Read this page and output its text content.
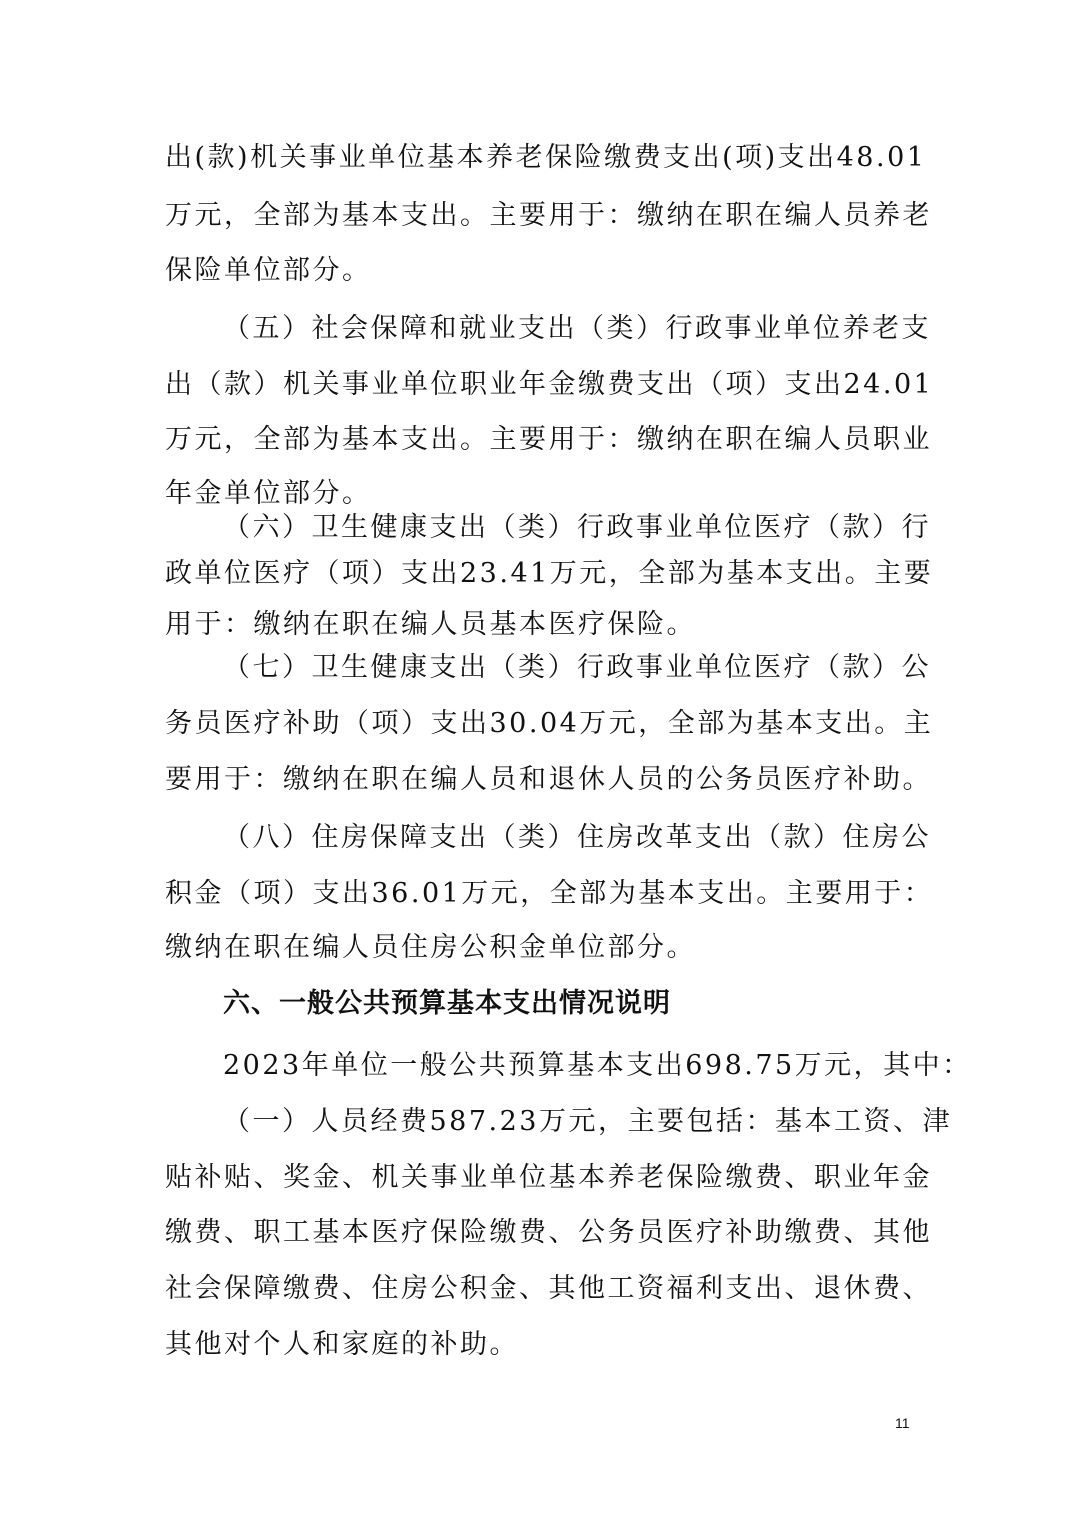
出(款)机关事业单位基本养老保险缴费支出(项)支出48.01
万元，全部为基本支出。主要用于：缴纳在职在编人员养老
保险单位部分。
（五）社会保障和就业支出（类）行政事业单位养老支
出（款）机关事业单位职业年金缴费支出（项）支出24.01
万元，全部为基本支出。主要用于：缴纳在职在编人员职业
年金单位部分。
（六）卫生健康支出（类）行政事业单位医疗（款）行
政单位医疗（项）支出23.41万元，全部为基本支出。主要
用于：缴纳在职在编人员基本医疗保险。
（七）卫生健康支出（类）行政事业单位医疗（款）公
务员医疗补助（项）支出30.04万元，全部为基本支出。主
要用于：缴纳在职在编人员和退休人员的公务员医疗补助。
（八）住房保障支出（类）住房改革支出（款）住房公
积金（项）支出36.01万元，全部为基本支出。主要用于：
缴纳在职在编人员住房公积金单位部分。
六、一般公共预算基本支出情况说明
2023年单位一般公共预算基本支出698.75万元，其中：
（一）人员经费587.23万元，主要包括：基本工资、津
贴补贴、奖金、机关事业单位基本养老保险缴费、职业年金
缴费、职工基本医疗保险缴费、公务员医疗补助缴费、其他
社会保障缴费、住房公积金、其他工资福利支出、退休费、
其他对个人和家庭的补助。
11
